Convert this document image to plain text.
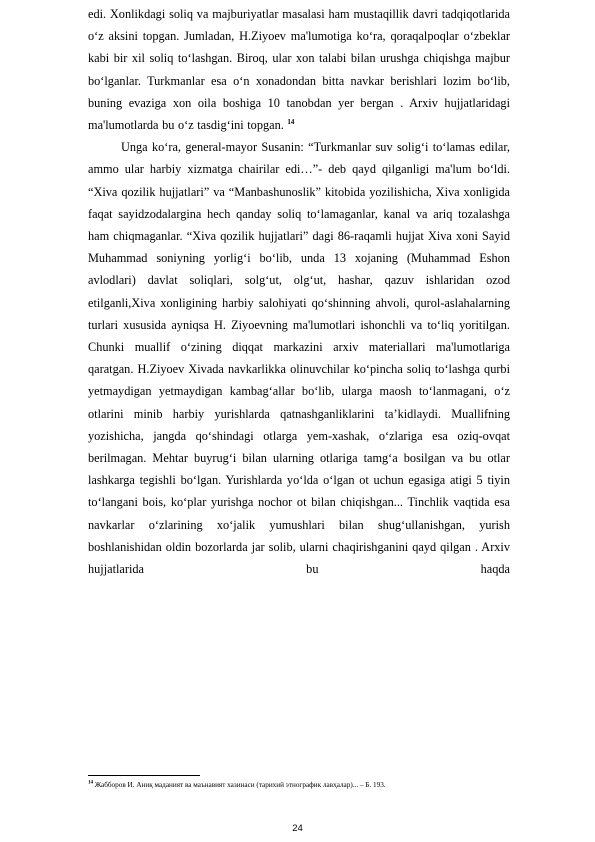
edi. Xonlikdagi soliq va majburiyatlar masalasi ham mustaqillik davri tadqiqotlarida o‘z aksini topgan. Jumladan, H.Ziyoev ma'lumotiga ko‘ra, qoraqalpoqlar o‘zbeklar kabi bir xil soliq to‘lashgan. Biroq, ular xon talabi bilan urushga chiqishga majbur bo‘lganlar. Turkmanlar esa o‘n xonadondan bitta navkar berishlari lozim bo‘lib, buning evaziga xon oila boshiga 10 tanobdan yer bergan . Arxiv hujjatlaridagi ma'lumotlarda bu o‘z tasdig‘ini topgan. $^{14}$

Unga ko‘ra, general-mayor Susanin: “Turkmanlar suv solig‘i to‘lamas edilar, ammo ular harbiy xizmatga chairilar edi…”- deb qayd qilganligi ma'lum bo‘ldi. “Xiva qozilik hujjatlari” va “Manbashunoslik” kitobida yozilishicha, Xiva xonligida faqat sayidzodalargina hech qanday soliq to‘lamaganlar, kanal va ariq tozalashga ham chiqmaganlar. “Xiva qozilik hujjatlari” dagi 86-raqamli hujjat Xiva xoni Sayid Muhammad soniyning yorlig‘i bo‘lib, unda 13 xojaning (Muhammad Eshon avlodlari) davlat soliqlari, solg‘ut, olg‘ut, hashar, qazuv ishlaridan ozod etilganli,Xiva xonligining harbiy salohiyati qo‘shinning ahvoli, qurol-aslahalarning turlari xususida ayniqsa H. Ziyoevning ma'lumotlari ishonchli va to‘liq yoritilgan. Chunki muallif o‘zining diqqat markazini arxiv materiallari ma'lumotlariga qaratgan. H.Ziyoev Xivada navkarlikka olinuvchilar ko‘pincha soliq to‘lashga qurbi yetmaydigan yetmaydigan kambag‘allar bo‘lib, ularga maosh to‘lanmagani, o‘z otlarini minib harbiy yurishlarda qatnashganliklarini ta’kidlaydi. Muallifning yozishicha, jangda qo‘shindagi otlarga yem-xashak, o‘zlariga esa oziq-ovqat berilmagan. Mehtar buyrug‘i bilan ularning otlariga tamg‘a bosilgan va bu otlar lashkarga tegishli bo‘lgan. Yurishlarda yo‘lda o‘lgan ot uchun egasiga atigi 5 tiyin to‘langani bois, ko‘plar yurishga nochor ot bilan chiqishgan... Tinchlik vaqtida esa navkarlar o‘zlarining xo‘jalik yumushlari bilan shug‘ullanishgan, yurish boshlanishidan oldin bozorlarda jar solib, ularni chaqirishganini qayd qilgan . Arxiv hujjatlarida bu haqda

$^{14}$ Жабборов И. Аниқ маданият ва маънавият хазинаси (тарихий этнографик лавҳалар)... – Б. 193.
24
